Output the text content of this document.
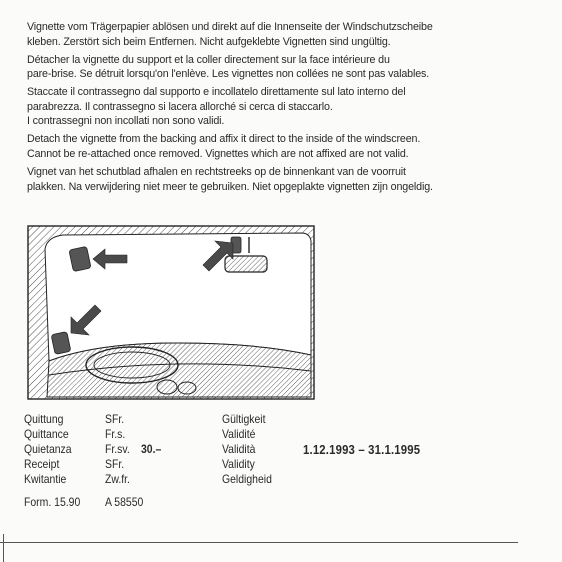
Vignette vom Trägerpapier ablösen und direkt auf die Innenseite der Windschutzscheibe
kleben. Zerstört sich beim Entfernen. Nicht aufgeklebte Vignetten sind ungültig.
Détacher la vignette du support et la coller directement sur la face intérieure du
pare-brise. Se détruit lorsqu'on l'enlève. Les vignettes non collées ne sont pas valables.
Staccate il contrassegno dal supporto e incollatelo direttamente sul lato interno del
parabrezza. Il contrassegno si lacera allorché si cerca di staccarlo.
I contrassegni non incollati non sono validi.
Detach the vignette from the backing and affix it direct to the inside of the windscreen.
Cannot be re-attached once removed. Vignettes which are not affixed are not valid.
Vignet van het schutblad afhalen en rechtstreeks op de binnenkant van de voorruit
plakken. Na verwijdering niet meer te gebruiken. Niet opgeplakte vignetten zijn ongeldig.
Quittung
Quittance
Quietanza
Receipt
Kwitantie
SFr.
Fr.s.
Fr.sv.
SFr.
Zw.fr.
30.–
Gültigkeit
Validité
Validità
Validity
Geldigheid
1.12.1993 – 31.1.1995
Form. 15.90 A 58550
